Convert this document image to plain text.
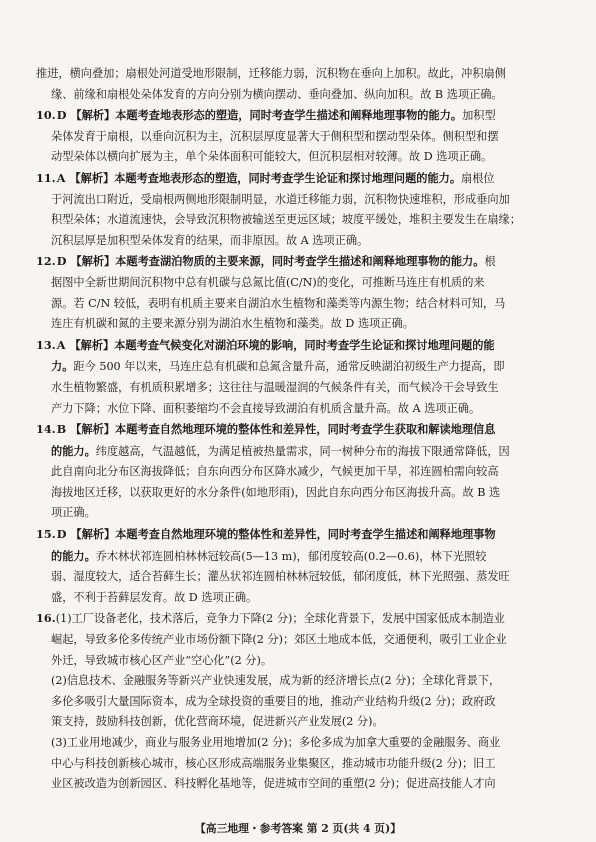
推进，横向叠加；扇根处河道受地形限制，迁移能力弱，沉积物在垂向上加积。故此，冲积扇侧
缘、前缘和扇根处朵体发育的方向分别为横向摆动、垂向叠加、纵向加积。故 B 选项正确。
10.D 【解析】本题考查地表形态的塑造，同时考查学生描述和阐释地理事物的能力。加积型
朵体发育于扇根，以垂向沉积为主，沉积层厚度显著大于侧积型和摆动型朵体。侧积型和摆
动型朵体以横向扩展为主，单个朵体面积可能较大，但沉积层相对较薄。故 D 选项正确。
11.A 【解析】本题考查地表形态的塑造，同时考查学生论证和探讨地理问题的能力。扇根位
于河流出口附近，受扇根两侧地形限制明显，水道迁移能力弱，沉积物快速堆积，形成垂向加
积型朵体；水道流速快，会导致沉积物被输送至更远区域；坡度平缓处，堆积主要发生在扇缘；
沉积层厚是加积型朵体发育的结果，而非原因。故 A 选项正确。
12.D 【解析】本题考查湖泊物质的主要来源，同时考查学生描述和阐释地理事物的能力。根
据图中全新世期间沉积物中总有机碳与总氮比值(C/N)的变化，可推断马连庄有机质的来
源。若 C/N 较低，表明有机质主要来自湖泊水生植物和藻类等内源生物；结合材料可知，马
连庄有机碳和氮的主要来源分别为湖泊水生植物和藻类。故 D 选项正确。
13.A 【解析】本题考查气候变化对湖泊环境的影响，同时考查学生论证和探讨地理问题的能
力。距今 500 年以来，马连庄总有机碳和总氮含量升高，通常反映湖泊初级生产力提高，即
水生植物繁盛，有机质积累增多；这往往与温暖湿润的气候条件有关，而气候冷干会导致生
产力下降；水位下降、面积萎缩均不会直接导致湖泊有机质含量升高。故 A 选项正确。
14.B 【解析】本题考查自然地理环境的整体性和差异性，同时考查学生获取和解读地理信息
的能力。纬度越高，气温越低，为满足植被热量需求，同一树种分布的海拔下限通常降低，因
此自南向北分布区海拔降低；自东向西分布区降水减少，气候更加干旱，祁连圆柏需向较高
海拔地区迁移，以获取更好的水分条件(如地形雨)，因此自东向西分布区海拔升高。故 B 选
项正确。
15.D 【解析】本题考查自然地理环境的整体性和差异性，同时考查学生描述和阐释地理事物
的能力。乔木林状祁连圆柏林林冠较高(5—13 m)，郁闭度较高(0.2—0.6)，林下光照较
弱、湿度较大，适合苔藓生长；灌丛状祁连圆柏林林冠较低，郁闭度低，林下光照强、蒸发旺
盛，不利于苔藓层发育。故 D 选项正确。
16.(1)工厂设备老化，技术落后，竞争力下降(2 分)；全球化背景下，发展中国家低成本制造业
崛起，导致多伦多传统产业市场份额下降(2 分)；郊区土地成本低，交通便利，吸引工业企业
外迁，导致城市核心区产业“空心化”(2 分)。
(2)信息技术、金融服务等新兴产业快速发展，成为新的经济增长点(2 分)；全球化背景下，
多伦多吸引大量国际资本，成为全球投资的重要目的地，推动产业结构升级(2 分)；政府政
策支持，鼓励科技创新，优化营商环境，促进新兴产业发展(2 分)。
(3)工业用地减少，商业与服务业用地增加(2 分)；多伦多成为加拿大重要的金融服务、商业
中心与科技创新核心城市，核心区形成高端服务业集聚区，推动城市功能升级(2 分)；旧工
业区被改造为创新园区、科技孵化基地等，促进城市空间的重塑(2 分)；促进高技能人才向
【高三地理・参考答案 第 2 页(共 4 页)】
